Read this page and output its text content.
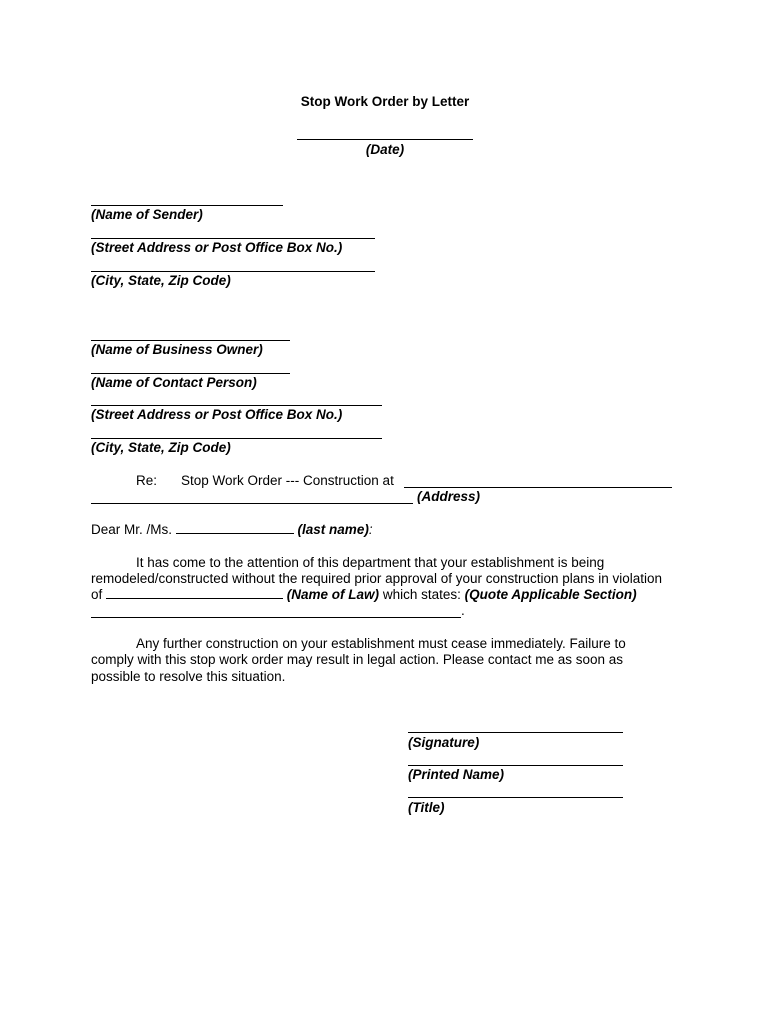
Stop Work Order by Letter
(Date)
(Name of Sender)
(Street Address or Post Office Box No.)
(City, State, Zip Code)
(Name of Business Owner)
(Name of Contact Person)
(Street Address or Post Office Box No.)
(City, State, Zip Code)
Re: Stop Work Order --- Construction at
(Address)
Dear Mr. /Ms.	(last name):
It has come to the attention of this department that your establishment is being
remodeled/constructed without the required prior approval of your construction plans in violation
of	(Name of Law) which states: (Quote Applicable Section)
.
Any further construction on your establishment must cease immediately. Failure to
comply with this stop work order may result in legal action. Please contact me as soon as
possible to resolve this situation.
(Signature)
(Printed Name)
(Title)
